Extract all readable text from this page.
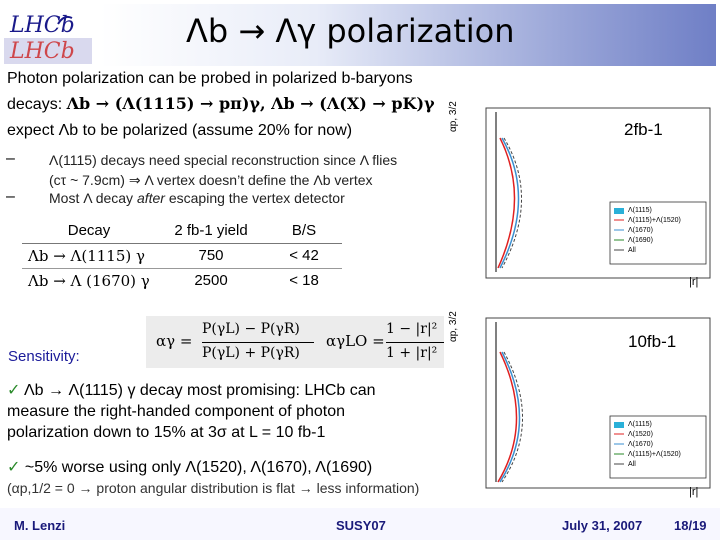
LHCb
LHCb
Λb → Λγ polarization
Photon polarization can be probed in polarized b-baryons
decays: Λb → (Λ(1115) → pπ)γ, Λb → (Λ(X) → pK)γ
expect Λb to be polarized (assume 20% for now)
– Λ(1115) decays need special reconstruction since Λ flies
(cτ ~ 7.9cm) ⇒ Λ vertex doesn’t define the Λb vertex
– Most Λ decay after escaping the vertex detector
Decay	2 fb-1 yield	B/S
Λb → Λ(1115) γ	750	< 42
Λb → Λ (1670) γ	2500	< 18
αγ =
P(γL) − P(γR)
P(γL) + P(γR)
αγLO =
1 − |r|²
1 + |r|²
Sensitivity:
✓ Λb → Λ(1115) γ decay most promising: LHCb can
measure the right-handed component of photon
polarization down to 15% at 3σ at L = 10 fb-1
✓ ~5% worse using only Λ(1520), Λ(1670), Λ(1690)
(αp,1/2 = 0 → proton angular distribution is flat → less information)
αp, 3/2
|r|
2fb-1
Λ(1115)
Λ(1115)+Λ(1520)
Λ(1670)
Λ(1690)
All
αp, 3/2
|r|
10fb-1
Λ(1115)
Λ(1520)
Λ(1670)
Λ(1115)+Λ(1520)
All
M. Lenzi	SUSY07	July 31, 2007 18/19
